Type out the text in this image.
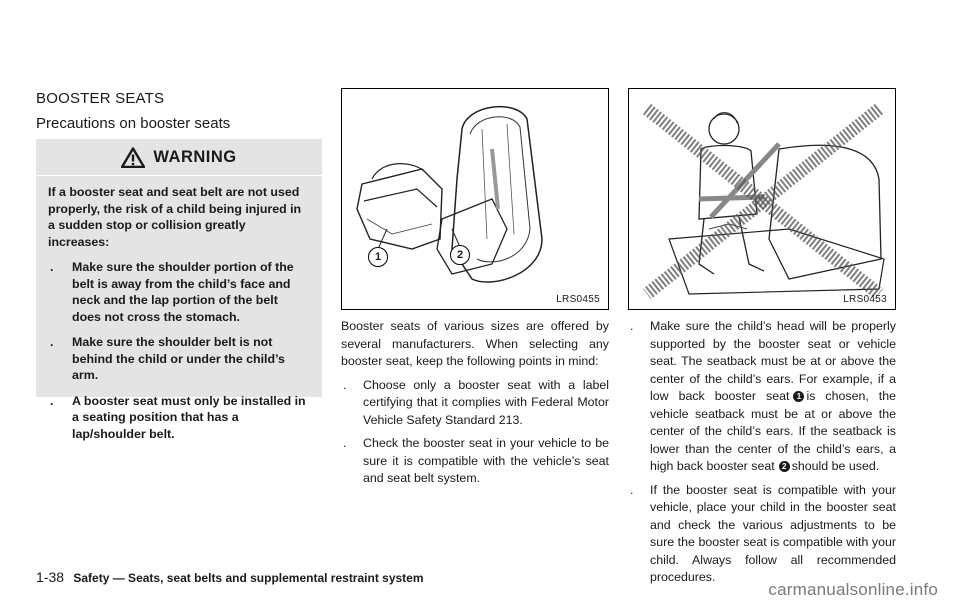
BOOSTER SEATS
Precautions on booster seats
WARNING

If a booster seat and seat belt are not used properly, the risk of a child being injured in a sudden stop or collision greatly increases:

.	Make sure the shoulder portion of the belt is away from the child’s face and neck and the lap portion of the belt does not cross the stomach.
.	Make sure the shoulder belt is not behind the child or under the child’s arm.
.	A booster seat must only be installed in a seating position that has a lap/shoulder belt.
1	2
LRS0455

Booster seats of various sizes are offered by several manufacturers. When selecting any booster seat, keep the following points in mind:

.	Choose only a booster seat with a label certifying that it complies with Federal Motor Vehicle Safety Standard 213.
.	Check the booster seat in your vehicle to be sure it is compatible with the vehicle’s seat and seat belt system.
LRS0453
.	Make sure the child’s head will be properly supported by the booster seat or vehicle seat. The seatback must be at or above the center of the child’s ears. For example, if a low back booster seat 1 is chosen, the vehicle seatback must be at or above the center of the child’s ears. If the seatback is lower than the center of the child’s ears, a high back booster seat 2 should be used.
.	If the booster seat is compatible with your vehicle, place your child in the booster seat and check the various adjustments to be sure the booster seat is compatible with your child. Always follow all recommended procedures.
1-38 Safety — Seats, seat belts and supplemental restraint system
carmanualsonline.info
